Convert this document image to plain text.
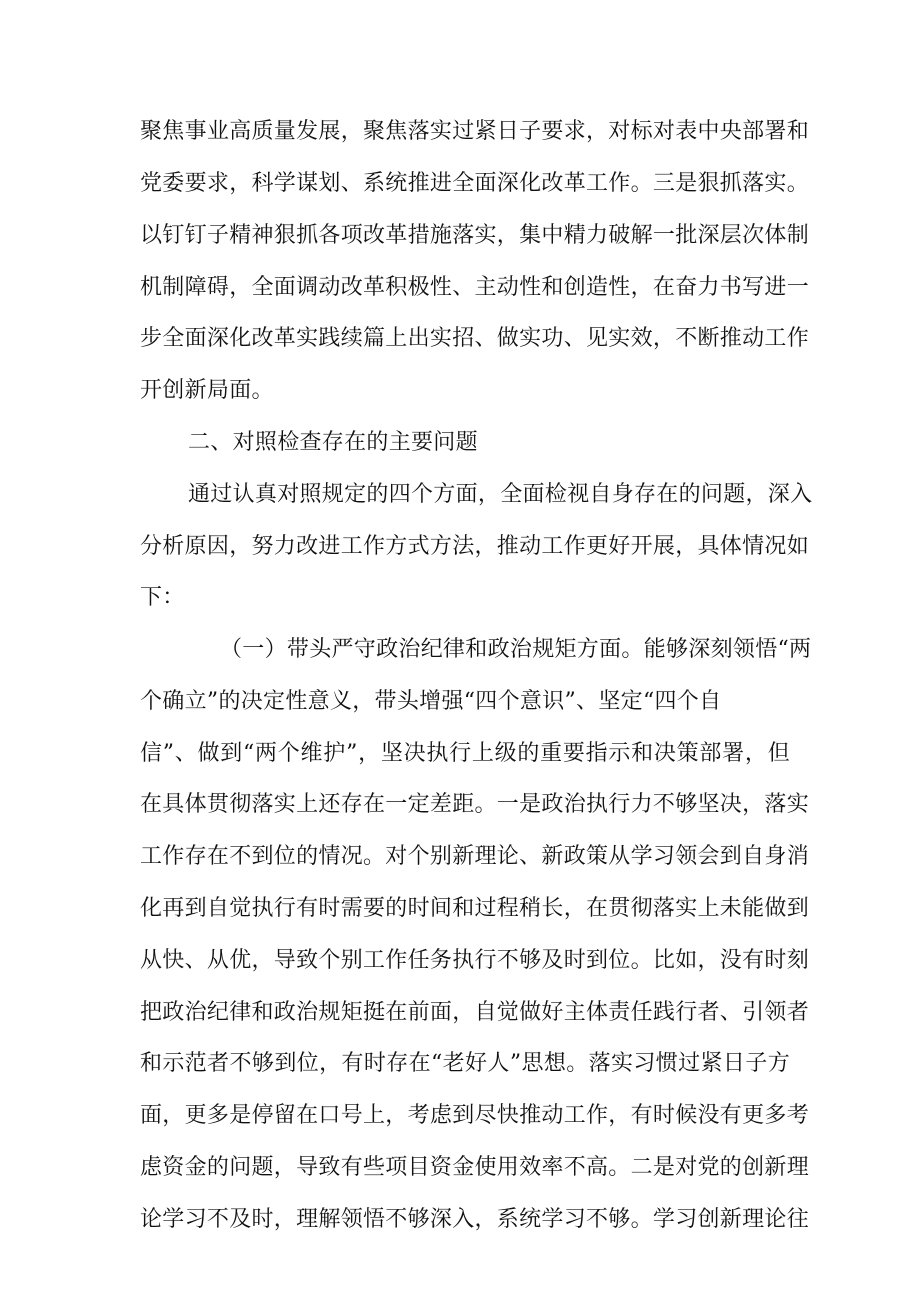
聚焦事业高质量发展，聚焦落实过紧日子要求，对标对表中央部署和
党委要求，科学谋划、系统推进全面深化改革工作。三是狠抓落实。
以钉钉子精神狠抓各项改革措施落实，集中精力破解一批深层次体制
机制障碍，全面调动改革积极性、主动性和创造性，在奋力书写进一
步全面深化改革实践续篇上出实招、做实功、见实效，不断推动工作
开创新局面。
二、对照检查存在的主要问题
通过认真对照规定的四个方面，全面检视自身存在的问题，深入
分析原因，努力改进工作方式方法，推动工作更好开展，具体情况如
下：
（一）带头严守政治纪律和政治规矩方面。能够深刻领悟“两
个确立”的决定性意义，带头增强“四个意识”、坚定“四个自
信”、做到“两个维护”，坚决执行上级的重要指示和决策部署，但
在具体贯彻落实上还存在一定差距。一是政治执行力不够坚决，落实
工作存在不到位的情况。对个别新理论、新政策从学习领会到自身消
化再到自觉执行有时需要的时间和过程稍长，在贯彻落实上未能做到
从快、从优，导致个别工作任务执行不够及时到位。比如，没有时刻
把政治纪律和政治规矩挺在前面，自觉做好主体责任践行者、引领者
和示范者不够到位，有时存在“老好人”思想。落实习惯过紧日子方
面，更多是停留在口号上，考虑到尽快推动工作，有时候没有更多考
虑资金的问题，导致有些项目资金使用效率不高。二是对党的创新理
论学习不及时，理解领悟不够深入，系统学习不够。学习创新理论往
